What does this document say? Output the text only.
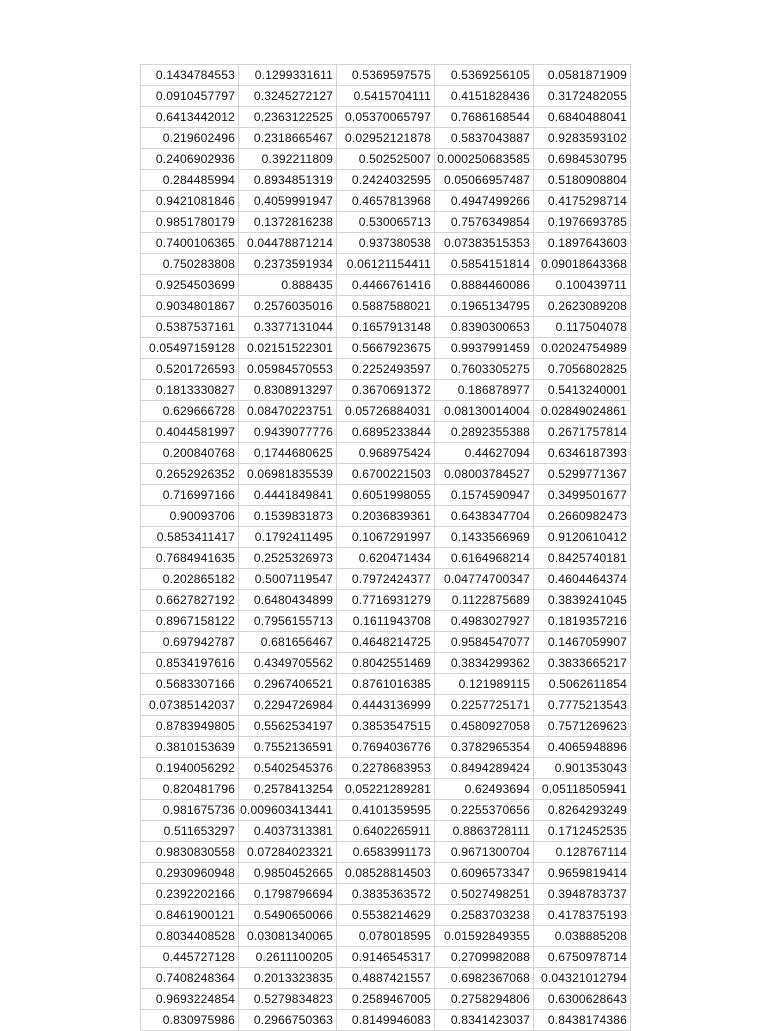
0.1434784553	0.1299331611	0.5369597575	0.5369256105	0.0581871909
0.0910457797	0.3245272127	0.5415704111	0.4151828436	0.3172482055
0.6413442012	0.2363122525	0.05370065797	0.7686168544	0.6840488041
0.219602496	0.2318665467	0.02952121878	0.5837043887	0.9283593102
0.2406902936	0.392211809	0.502525007	0.000250683585	0.6984530795
0.284485994	0.8934851319	0.2424032595	0.05066957487	0.5180908804
0.9421081846	0.4059991947	0.4657813968	0.4947499266	0.4175298714
0.9851780179	0.1372816238	0.530065713	0.7576349854	0.1976693785
0.7400106365	0.04478871214	0.937380538	0.07383515353	0.1897643603
0.750283808	0.2373591934	0.06121154411	0.5854151814	0.09018643368
0.9254503699	0.888435	0.4466761416	0.8884460086	0.100439711
0.9034801867	0.2576035016	0.5887588021	0.1965134795	0.2623089208
0.5387537161	0.3377131044	0.1657913148	0.8390300653	0.117504078
0.05497159128	0.02151522301	0.5667923675	0.9937991459	0.02024754989
0.5201726593	0.05984570553	0.2252493597	0.7603305275	0.7056802825
0.1813330827	0.8308913297	0.3670691372	0.186878977	0.5413240001
0.629666728	0.08470223751	0.05726884031	0.08130014004	0.02849024861
0.4044581997	0.9439077776	0.6895233844	0.2892355388	0.2671757814
0.200840768	0.1744680625	0.968975424	0.44627094	0.6346187393
0.2652926352	0.06981835539	0.6700221503	0.08003784527	0.5299771367
0.716997166	0.4441849841	0.6051998055	0.1574590947	0.3499501677
0.90093706	0.1539831873	0.2036839361	0.6438347704	0.2660982473
0.5853411417	0.1792411495	0.1067291997	0.1433566969	0.9120610412
0.7684941635	0.2525326973	0.620471434	0.6164968214	0.8425740181
0.202865182	0.5007119547	0.7972424377	0.04774700347	0.4604464374
0.6627827192	0.6480434899	0.7716931279	0.1122875689	0.3839241045
0.8967158122	0.7956155713	0.1611943708	0.4983027927	0.1819357216
0.697942787	0.681656467	0.4648214725	0.9584547077	0.1467059907
0.8534197616	0.4349705562	0.8042551469	0.3834299362	0.3833665217
0.5683307166	0.2967406521	0.8761016385	0.121989115	0.5062611854
0.07385142037	0.2294726984	0.4443136999	0.2257725171	0.7775213543
0.8783949805	0.5562534197	0.3853547515	0.4580927058	0.7571269623
0.3810153639	0.7552136591	0.7694036776	0.3782965354	0.4065948896
0.1940056292	0.5402545376	0.2278683953	0.8494289424	0.901353043
0.820481796	0.2578413254	0.05221289281	0.62493694	0.05118505941
0.981675736	0.009603413441	0.4101359595	0.2255370656	0.8264293249
0.511653297	0.4037313381	0.6402265911	0.8863728111	0.1712452535
0.9830830558	0.07284023321	0.6583991173	0.9671300704	0.128767114
0.2930960948	0.9850452665	0.08528814503	0.6096573347	0.9659819414
0.2392202166	0.1798796694	0.3835363572	0.5027498251	0.3948783737
0.8461900121	0.5490650066	0.5538214629	0.2583703238	0.4178375193
0.8034408528	0.03081340065	0.078018595	0.01592849355	0.038885208
0.445727128	0.2611100205	0.9146545317	0.2709982088	0.6750978714
0.7408248364	0.2013323835	0.4887421557	0.6982367068	0.04321012794
0.9693224854	0.5279834823	0.2589467005	0.2758294806	0.6300628643
0.830975986	0.2966750363	0.8149946083	0.8341423037	0.8438174386
